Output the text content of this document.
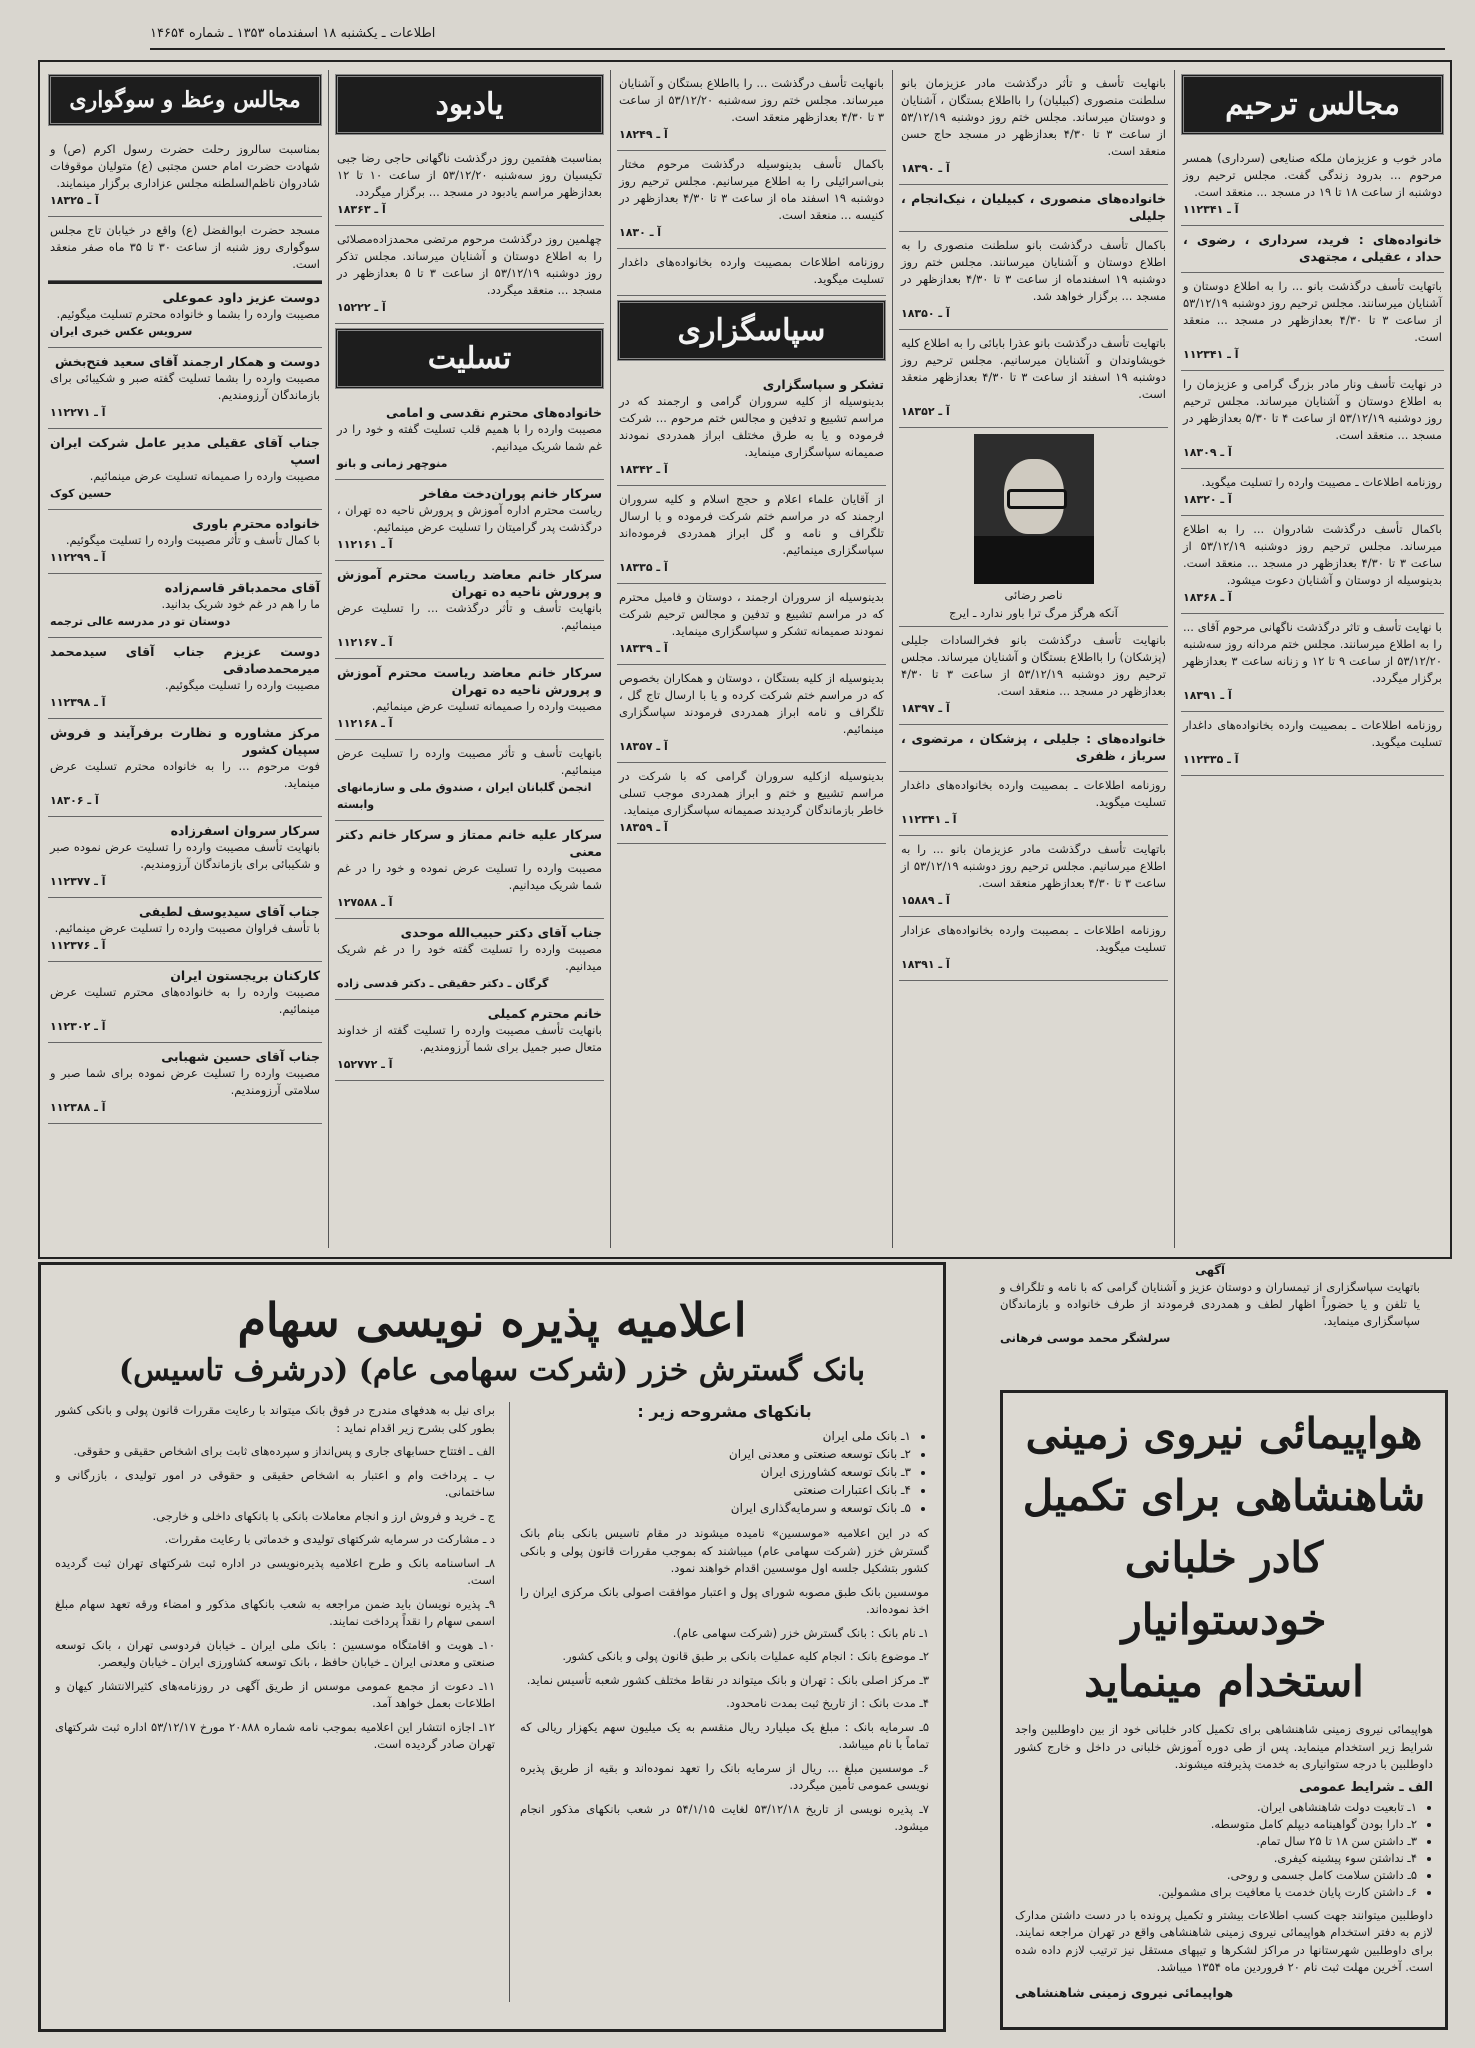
اطلاعات ـ یکشنبه ۱۸ اسفندماه ۱۳۵۳ ـ شماره ۱۴۶۵۴
مجالس ترحیم
مادر خوب و عزیزمان ملکه صنایعی (سرداری) همسر مرحوم ... بدرود زندگی گفت. مجلس ترحیم روز دوشنبه از ساعت ۱۸ تا ۱۹ در مسجد ... منعقد است.
آ ـ ۱۱۲۳۴۱
خانواده‌های : فرید، سرداری ، رضوی ، حداد ، عقیلی ، مجتهدی
باتهایت تأسف درگذشت بانو ... را به اطلاع دوستان و آشنایان میرسانند. مجلس ترحیم روز دوشنبه ۵۳/۱۲/۱۹ از ساعت ۳ تا ۴/۳۰ بعدازظهر در مسجد ... منعقد است.
آ ـ ۱۱۲۳۴۱
در نهایت تأسف ونار مادر بزرگ گرامی و عزیزمان را به اطلاع دوستان و آشنایان میرساند. مجلس ترحیم روز دوشنبه ۵۳/۱۲/۱۹ از ساعت ۴ تا ۵/۳۰ بعدازظهر در مسجد ... منعقد است.
آ ـ ۱۸۳۰۹
روزنامه اطلاعات ـ مصیبت وارده را تسلیت میگوید.
آ ـ ۱۸۳۲۰
باکمال تأسف درگذشت شادروان ... را به اطلاع میرساند. مجلس ترحیم روز دوشنبه ۵۳/۱۲/۱۹ از ساعت ۳ تا ۴/۳۰ بعدازظهر در مسجد ... منعقد است. بدینوسیله از دوستان و آشنایان دعوت میشود.
آ ـ ۱۸۳۶۸
با نهایت تأسف و تاثر درگذشت ناگهانی مرحوم آقای ... را به اطلاع میرسانند. مجلس ختم مردانه روز سه‌شنبه ۵۳/۱۲/۲۰ از ساعت ۹ تا ۱۲ و زنانه ساعت ۳ بعدازظهر برگزار میگردد.
آ ـ ۱۸۳۹۱
روزنامه اطلاعات ـ بمصیبت وارده بخانواده‌های داغدار تسلیت میگوید.
آ ـ ۱۱۲۳۳۵
بانهایت تأسف و تأثر درگذشت مادر عزیزمان بانو سلطنت منصوری (کبیلیان) را بااطلاع بستگان ، آشنایان و دوستان میرساند. مجلس ختم روز دوشنبه ۵۳/۱۲/۱۹ از ساعت ۳ تا ۴/۳۰ بعدازظهر در مسجد حاج حسن منعقد است.
آ ـ ۱۸۳۹۰
خانواده‌های منصوری ، کبیلیان ، نیک‌انجام ، جلیلی
باکمال تأسف درگذشت بانو سلطنت منصوری را به اطلاع دوستان و آشنایان میرسانند. مجلس ختم روز دوشنبه ۱۹ اسفندماه از ساعت ۳ تا ۴/۳۰ بعدازظهر در مسجد ... برگزار خواهد شد.
آ ـ ۱۸۳۵۰
باتهایت تأسف درگذشت بانو عذرا بابائی را به اطلاع کلیه خویشاوندان و آشنایان میرسانیم. مجلس ترحیم روز دوشنبه ۱۹ اسفند از ساعت ۳ تا ۴/۳۰ بعدازظهر منعقد است.
آ ـ ۱۸۳۵۲
ناصر رضائی
آنکه هرگز مرگ ترا باور ندارد ـ ایرج
بانهایت تأسف درگذشت بانو فخرالسادات جلیلی (پزشکان) را بااطلاع بستگان و آشنایان میرساند. مجلس ترحیم روز دوشنبه ۵۳/۱۲/۱۹ از ساعت ۳ تا ۴/۳۰ بعدازظهر در مسجد ... منعقد است.
آ ـ ۱۸۳۹۷
خانواده‌های : جلیلی ، پزشکان ، مرتضوی ، سرباز ، ظفری
روزنامه اطلاعات ـ بمصیبت وارده بخانواده‌های داغدار تسلیت میگوید.
آ ـ ۱۱۲۳۴۱
باتهایت تأسف درگذشت مادر عزیزمان بانو ... را به اطلاع میرسانیم. مجلس ترحیم روز دوشنبه ۵۳/۱۲/۱۹ از ساعت ۳ تا ۴/۳۰ بعدازظهر منعقد است.
آ ـ ۱۵۸۸۹
روزنامه اطلاعات ـ بمصیبت وارده بخانواده‌های عزادار تسلیت میگوید.
آ ـ ۱۸۳۹۱
بانهایت تأسف درگذشت ... را بااطلاع بستگان و آشنایان میرساند. مجلس ختم روز سه‌شنبه ۵۳/۱۲/۲۰ از ساعت ۳ تا ۴/۳۰ بعدازظهر منعقد است.
آ ـ ۱۸۲۴۹
باکمال تأسف بدینوسیله درگذشت مرحوم مختار بنی‌اسرائیلی را به اطلاع میرسانیم. مجلس ترحیم روز دوشنبه ۱۹ اسفند ماه از ساعت ۳ تا ۴/۳۰ بعدازظهر در کنیسه ... منعقد است.
آ ـ ۱۸۳۰
روزنامه اطلاعات بمصیبت وارده بخانواده‌های داغدار تسلیت میگوید.
سپاسگزاری
تشکر و سپاسگزاری
بدینوسیله از کلیه سروران گرامی و ارجمند که در مراسم تشییع و تدفین و مجالس ختم مرحوم ... شرکت فرموده و یا به طرق مختلف ابراز همدردی نمودند صمیمانه سپاسگزاری مینماید.
آ ـ ۱۸۳۴۲
از آقایان علماء اعلام و حجج اسلام و کلیه سروران ارجمند که در مراسم ختم شرکت فرموده و با ارسال تلگراف و نامه و گل ابراز همدردی فرموده‌اند سپاسگزاری مینمائیم.
آ ـ ۱۸۳۳۵
بدینوسیله از سروران ارجمند ، دوستان و فامیل محترم که در مراسم تشییع و تدفین و مجالس ترحیم شرکت نمودند صمیمانه تشکر و سپاسگزاری مینماید.
آ ـ ۱۸۳۳۹
بدینوسیله از کلیه بستگان ، دوستان و همکاران بخصوص که در مراسم ختم شرکت کرده و یا با ارسال تاج گل ، تلگراف و نامه ابراز همدردی فرمودند سپاسگزاری مینمائیم.
آ ـ ۱۸۳۵۷
بدینوسیله ازکلیه سروران گرامی که با شرکت در مراسم تشییع و ختم و ابراز همدردی موجب تسلی خاطر بازماندگان گردیدند صمیمانه سپاسگزاری مینماید.
آ ـ ۱۸۳۵۹
یادبود
بمناسبت هفتمین روز درگذشت ناگهانی حاجی رضا جبی تکیسیان روز سه‌شنبه ۵۳/۱۲/۲۰ از ساعت ۱۰ تا ۱۲ بعدازظهر مراسم یادبود در مسجد ... برگزار میگردد.
آ ـ ۱۸۳۶۳
چهلمین روز درگذشت مرحوم مرتضی محمدزاده‌مصلائی را به اطلاع دوستان و آشنایان میرساند. مجلس تذکر روز دوشنبه ۵۳/۱۲/۱۹ از ساعت ۳ تا ۵ بعدازظهر در مسجد ... منعقد میگردد.
آ ـ ۱۵۲۲۲
تسلیت
خانواده‌های محترم نقدسی و امامی
مصیبت وارده را با همیم قلب تسلیت گفته و خود را در غم شما شریک میدانیم.
منوچهر زمانی و بانو
سرکار خانم پوران‌دخت مفاخر
ریاست محترم اداره آموزش و پرورش ناحیه ده تهران ، درگذشت پدر گرامیتان را تسلیت عرض مینمائیم.
آ ـ ۱۱۲۱۶۱
سرکار خانم معاضد ریاست محترم آموزش و پرورش ناحیه ده تهران
بانهایت تأسف و تأثر درگذشت ... را تسلیت عرض مینمائیم.
آ ـ ۱۱۲۱۶۷
سرکار خانم معاضد ریاست محترم آموزش و پرورش ناحیه ده تهران
مصیبت وارده را صمیمانه تسلیت عرض مینمائیم.
آ ـ ۱۱۲۱۶۸
بانهایت تأسف و تأثر مصیبت وارده را تسلیت عرض مینمائیم.
انجمن گلبانان ایران ، صندوق ملی و سازمانهای وابسته
سرکار علیه خانم ممتاز و سرکار خانم دکتر معنی
مصیبت وارده را تسلیت عرض نموده و خود را در غم شما شریک میدانیم.
آ ـ ۱۲۷۵۸۸
جناب آقای دکتر حبیب‌الله موحدی
مصیبت وارده را تسلیت گفته خود را در غم شریک میدانیم.
گرگان ـ دکتر حقیقی ـ دکتر قدسی زاده
خانم محترم کمیلی
بانهایت تأسف مصیبت وارده را تسلیت گفته از خداوند متعال صبر جمیل برای شما آرزومندیم.
آ ـ ۱۵۲۷۷۲
مجالس وعظ و سوگواری
بمناسبت سالروز رحلت حضرت رسول اکرم (ص) و شهادت حضرت امام حسن مجتبی (ع) متولیان موقوفات شادروان ناظم‌السلطنه مجلس عزاداری برگزار مینمایند.
آ ـ ۱۸۳۲۵
مسجد حضرت ابوالفضل (ع) واقع در خیابان تاج مجلس سوگواری روز شنبه از ساعت ۳۰ تا ۳۵ ماه صفر منعقد است.
دوست عزیز داود عموعلی
مصیبت وارده را بشما و خانواده محترم تسلیت میگوئیم.
سرویس عکس خبری ایران
دوست و همکار ارجمند آقای سعید فتح‌بخش
مصیبت وارده را بشما تسلیت گفته صبر و شکیبائی برای بازماندگان آرزومندیم.
آ ـ ۱۱۲۲۷۱
جناب آقای عقیلی مدیر عامل شرکت ایران اسپ
مصیبت وارده را صمیمانه تسلیت عرض مینمائیم.
حسین کوک
خانواده محترم باوری
با کمال تأسف و تأثر مصیبت وارده را تسلیت میگوئیم.
آ ـ ۱۱۲۲۹۹
آقای محمدباقر قاسم‌زاده
ما را هم در غم خود شریک بدانید.
دوستان تو در مدرسه عالی ترجمه
دوست عزیزم جناب آقای سیدمحمد میرمحمدصادقی
مصیبت وارده را تسلیت میگوئیم.
آ ـ ۱۱۲۳۹۸
مرکز مشاوره و نظارت برفرآیند و فروش سپیان کشور
فوت مرحوم ... را به خانواده محترم تسلیت عرض مینماید.
آ ـ ۱۸۳۰۶
سرکار سروان اسفرزاده
بانهایت تأسف مصیبت وارده را تسلیت عرض نموده صبر و شکیبائی برای بازماندگان آرزومندیم.
آ ـ ۱۱۲۳۷۷
جناب آقای سیدیوسف لطیفی
با تأسف فراوان مصیبت وارده را تسلیت عرض مینمائیم.
آ ـ ۱۱۲۳۷۶
کارکنان بریجستون ایران
مصیبت وارده را به خانواده‌های محترم تسلیت عرض مینمائیم.
آ ـ ۱۱۲۳۰۲
جناب آقای حسین شهبابی
مصیبت وارده را تسلیت عرض نموده برای شما صبر و سلامتی آرزومندیم.
آ ـ ۱۱۲۳۸۸
اعلامیه پذیره نویسی سهام
بانک گسترش خزر (شرکت سهامی عام) (درشرف تاسیس)
بانکهای مشروحه زیر :
• ۱ـ بانک ملی ایران
• ۲ـ بانک توسعه صنعتی و معدنی ایران
• ۳ـ بانک توسعه کشاورزی ایران
• ۴ـ بانک اعتبارات صنعتی
• ۵ـ بانک توسعه و سرمایه‌گذاری ایران

که در این اعلامیه «موسسین» نامیده میشوند در مقام تاسیس بانکی بنام بانک گسترش خزر (شرکت سهامی عام) میباشند که بموجب مقررات قانون پولی و بانکی کشور بتشکیل جلسه اول موسسین اقدام خواهند نمود.

موسسین بانک طبق مصوبه شورای پول و اعتبار موافقت اصولی بانک مرکزی ایران را اخذ نموده‌اند.

۱ـ نام بانک : بانک گسترش خزر (شرکت سهامی عام).

۲ـ موضوع بانک : انجام کلیه عملیات بانکی بر طبق قانون پولی و بانکی کشور.

۳ـ مرکز اصلی بانک : تهران و بانک میتواند در نقاط مختلف کشور شعبه تأسیس نماید.

۴ـ مدت بانک : از تاریخ ثبت بمدت نامحدود.

۵ـ سرمایه بانک : مبلغ یک میلیارد ریال منقسم به یک میلیون سهم یکهزار ریالی که تماماً با نام میباشد.

۶ـ موسسین مبلغ ... ریال از سرمایه بانک را تعهد نموده‌اند و بقیه از طریق پذیره نویسی عمومی تأمین میگردد.

۷ـ پذیره نویسی از تاریخ ۵۳/۱۲/۱۸ لغایت ۵۴/۱/۱۵ در شعب بانکهای مذکور انجام میشود.

برای نیل به هدفهای مندرج در فوق بانک میتواند با رعایت مقررات قانون پولی و بانکی کشور بطور کلی بشرح زیر اقدام نماید :

الف ـ افتتاح حسابهای جاری و پس‌انداز و سپرده‌های ثابت برای اشخاص حقیقی و حقوقی.

ب ـ پرداخت وام و اعتبار به اشخاص حقیقی و حقوقی در امور تولیدی ، بازرگانی و ساختمانی.

ج ـ خرید و فروش ارز و انجام معاملات بانکی با بانکهای داخلی و خارجی.

د ـ مشارکت در سرمایه شرکتهای تولیدی و خدماتی با رعایت مقررات.

۸ـ اساسنامه بانک و طرح اعلامیه پذیره‌نویسی در اداره ثبت شرکتهای تهران ثبت گردیده است.

۹ـ پذیره نویسان باید ضمن مراجعه به شعب بانکهای مذکور و امضاء ورقه تعهد سهام مبلغ اسمی سهام را نقداً پرداخت نمایند.

۱۰ـ هویت و اقامتگاه موسسین : بانک ملی ایران ـ خیابان فردوسی تهران ، بانک توسعه صنعتی و معدنی ایران ـ خیابان حافظ ، بانک توسعه کشاورزی ایران ـ خیابان ولیعصر.

۱۱ـ دعوت از مجمع عمومی موسس از طریق آگهی در روزنامه‌های کثیرالانتشار کیهان و اطلاعات بعمل خواهد آمد.

۱۲ـ اجازه انتشار این اعلامیه بموجب نامه شماره ۲۰۸۸۸ مورخ ۵۳/۱۲/۱۷ اداره ثبت شرکتهای تهران صادر گردیده است.

آگهی
باتهایت سپاسگزاری از تیمساران و دوستان عزیز و آشنایان گرامی که با نامه و تلگراف و یا تلفن و یا حضوراً اظهار لطف و همدردی فرمودند از طرف خانواده و بازماندگان سپاسگزاری مینماید.
سرلشگر محمد موسی فرهانی
هواپیمائی نیروی زمینی
شاهنشاهی برای تکمیل
کادر خلبانی خودستوانیار
استخدام مینماید

هواپیمائی نیروی زمینی شاهنشاهی برای تکمیل کادر خلبانی خود از بین داوطلبین واجد شرایط زیر استخدام مینماید. پس از طی دوره آموزش خلبانی در داخل و خارج کشور داوطلبین با درجه ستوانیاری به خدمت پذیرفته میشوند.

الف ـ شرایط عمومی
• ۱ـ تابعیت دولت شاهنشاهی ایران.
• ۲ـ دارا بودن گواهینامه دیپلم کامل متوسطه.
• ۳ـ داشتن سن ۱۸ تا ۲۵ سال تمام.
• ۴ـ نداشتن سوء پیشینه کیفری.
• ۵ـ داشتن سلامت کامل جسمی و روحی.
• ۶ـ داشتن کارت پایان خدمت یا معافیت برای مشمولین.

داوطلبین میتوانند جهت کسب اطلاعات بیشتر و تکمیل پرونده با در دست داشتن مدارک لازم به دفتر استخدام هواپیمائی نیروی زمینی شاهنشاهی واقع در تهران مراجعه نمایند. برای داوطلبین شهرستانها در مراکز لشکرها و تیپهای مستقل نیز ترتیب لازم داده شده است. آخرین مهلت ثبت نام ۲۰ فروردین ماه ۱۳۵۴ میباشد.

هواپیمائی نیروی زمینی شاهنشاهی
